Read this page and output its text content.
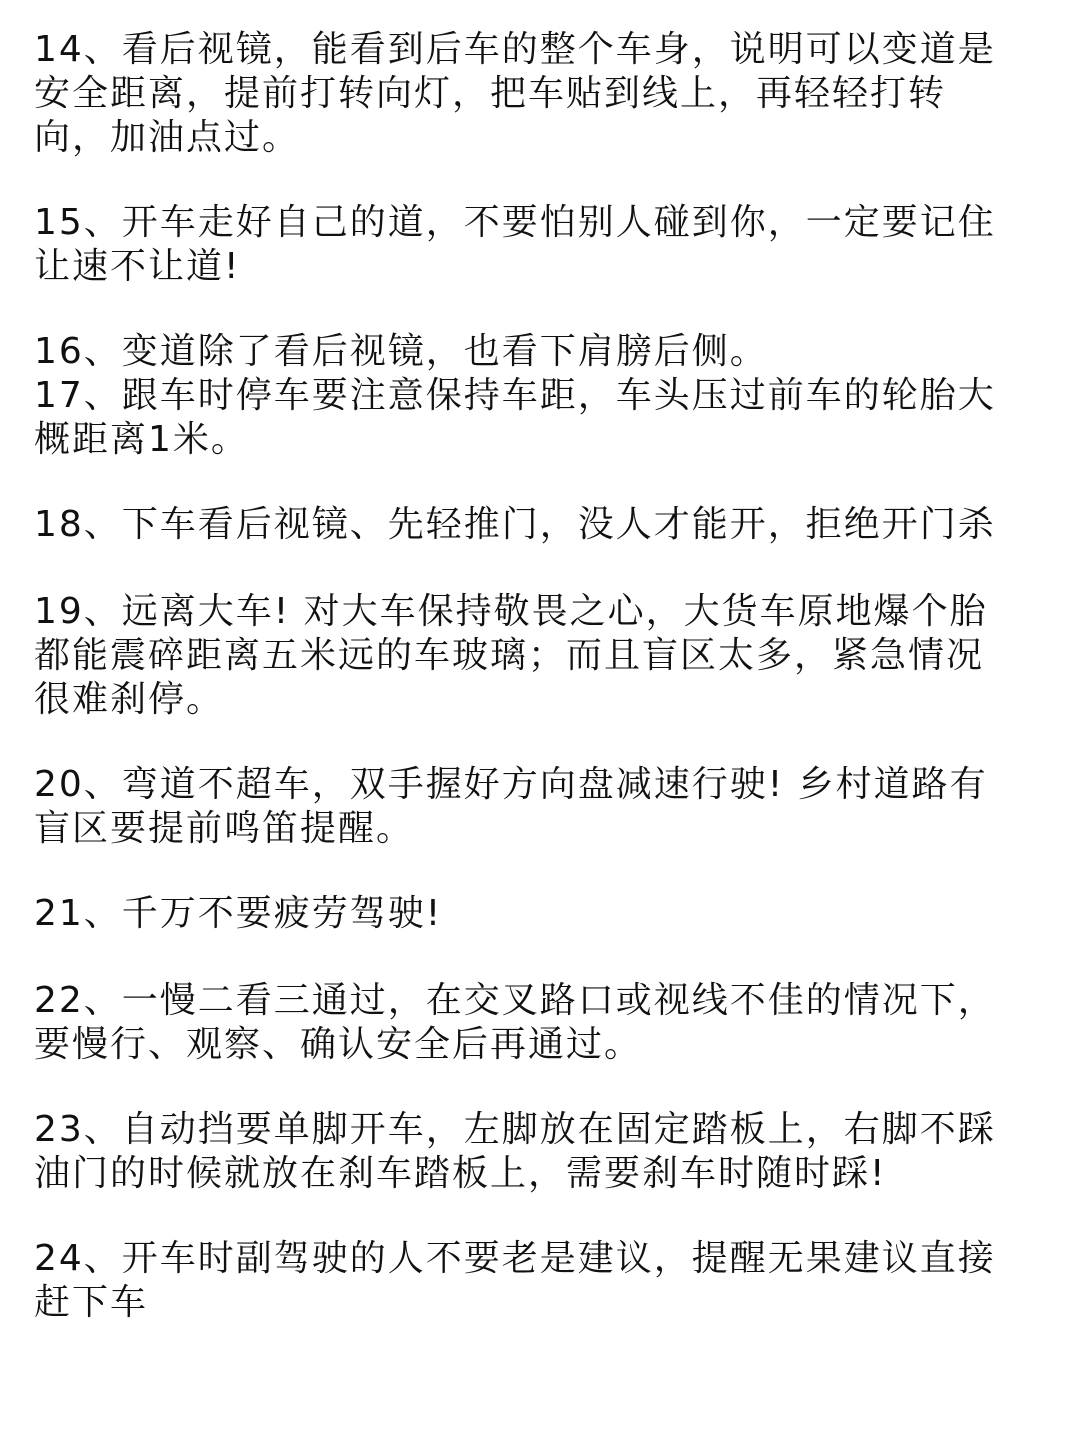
14、看后视镜，能看到后车的整个车身，说明可以变道是
安全距离，提前打转向灯，把车贴到线上，再轻轻打转
向，加油点过。
15、开车走好自己的道，不要怕别人碰到你，一定要记住
让速不让道!
16、变道除了看后视镜，也看下肩膀后侧。
17、跟车时停车要注意保持车距，车头压过前车的轮胎大
概距离1米。
18、下车看后视镜、先轻推门，没人才能开，拒绝开门杀
19、远离大车! 对大车保持敬畏之心，大货车原地爆个胎
都能震碎距离五米远的车玻璃；而且盲区太多，紧急情况
很难刹停。
20、弯道不超车，双手握好方向盘减速行驶! 乡村道路有
盲区要提前鸣笛提醒。
21、千万不要疲劳驾驶!
22、一慢二看三通过，在交叉路口或视线不佳的情况下，
要慢行、观察、确认安全后再通过。
23、自动挡要单脚开车，左脚放在固定踏板上，右脚不踩
油门的时候就放在刹车踏板上，需要刹车时随时踩!
24、开车时副驾驶的人不要老是建议，提醒无果建议直接
赶下车
